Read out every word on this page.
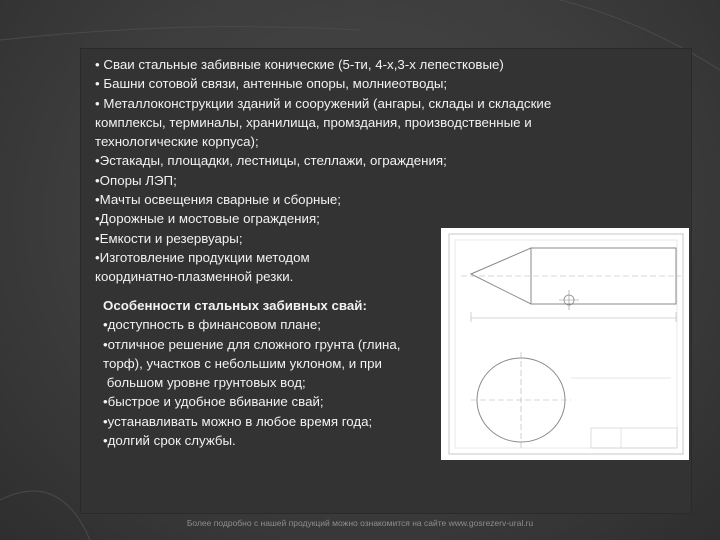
• Сваи стальные забивные конические (5-ти, 4-х,3-х лепестковые)
• Башни сотовой связи, антенные опоры, молниеотводы;
• Металлоконструкции зданий и сооружений (ангары, склады и складские
комплексы, терминалы, хранилища, промздания, производственные и
технологические корпуса);
•Эстакады, площадки, лестницы, стеллажи, ограждения;
•Опоры ЛЭП;
•Мачты освещения сварные и сборные;
•Дорожные и мостовые ограждения;
•Емкости и резервуары;
•Изготовление продукции методом
координатно-плазменной резки.
Особенности стальных забивных свай:
•доступность в финансовом плане;
•отличное решение для сложного грунта (глина,
торф), участков с небольшим уклоном, и при
большом уровне грунтовых вод;
•быстрое и удобное вбивание свай;
•устанавливать можно в любое время года;
•долгий срок службы.
Более подробно с нашей продукций можно ознакомится на сайте www.gosrezerv-ural.ru
